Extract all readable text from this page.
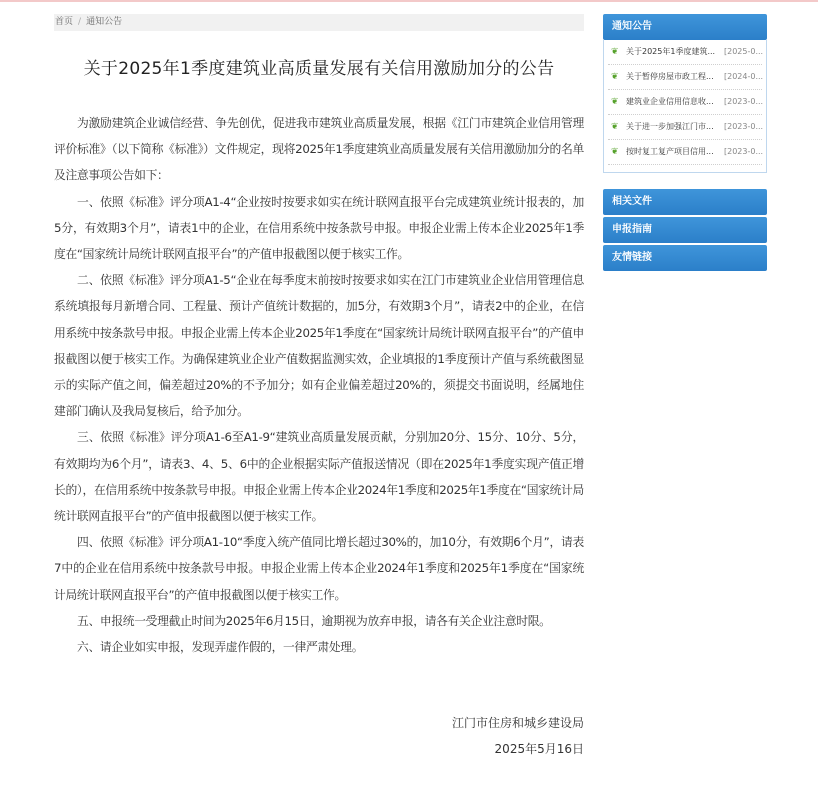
首页 / 通知公告
关于2025年1季度建筑业高质量发展有关信用激励加分的公告

为激励建筑企业诚信经营、争先创优，促进我市建筑业高质量发展，根据《江门市建筑企业信用管理评价标准》（以下简称《标准》）文件规定，现将2025年1季度建筑业高质量发展有关信用激励加分的名单及注意事项公告如下：

一、依照《标准》评分项A1-4“企业按时按要求如实在统计联网直报平台完成建筑业统计报表的，加5分，有效期3个月”，请表1中的企业，在信用系统中按条款号申报。申报企业需上传本企业2025年1季度在“国家统计局统计联网直报平台”的产值申报截图以便于核实工作。

二、依照《标准》评分项A1-5“企业在每季度末前按时按要求如实在江门市建筑业企业信用管理信息系统填报每月新增合同、工程量、预计产值统计数据的，加5分，有效期3个月”，请表2中的企业，在信用系统中按条款号申报。申报企业需上传本企业2025年1季度在“国家统计局统计联网直报平台”的产值申报截图以便于核实工作。为确保建筑业企业产值数据监测实效，企业填报的1季度预计产值与系统截图显示的实际产值之间，偏差超过20%的不予加分；如有企业偏差超过20%的，须提交书面说明，经属地住建部门确认及我局复核后，给予加分。

三、依照《标准》评分项A1-6至A1-9“建筑业高质量发展贡献，分别加20分、15分、10分、5分，有效期均为6个月”，请表3、4、5、6中的企业根据实际产值报送情况（即在2025年1季度实现产值正增长的），在信用系统中按条款号申报。申报企业需上传本企业2024年1季度和2025年1季度在“国家统计局统计联网直报平台”的产值申报截图以便于核实工作。

四、依照《标准》评分项A1-10“季度入统产值同比增长超过30%的，加10分，有效期6个月”，请表7中的企业在信用系统中按条款号申报。申报企业需上传本企业2024年1季度和2025年1季度在“国家统计局统计联网直报平台”的产值申报截图以便于核实工作。

五、申报统一受理截止时间为2025年6月15日，逾期视为放弃申报，请各有关企业注意时限。

六、请企业如实申报，发现弄虚作假的，一律严肃处理。

江门市住房和城乡建设局
2025年5月16日
通知公告
❦ 关于2025年1季度建筑...	[2025-0...
❦ 关于暂停房屋市政工程...	[2024-0...
❦ 建筑业企业信用信息收...	[2023-0...
❦ 关于进一步加强江门市...	[2023-0...
❦ 按时复工复产项目信用...	[2023-0...
相关文件
申报指南
友情链接
